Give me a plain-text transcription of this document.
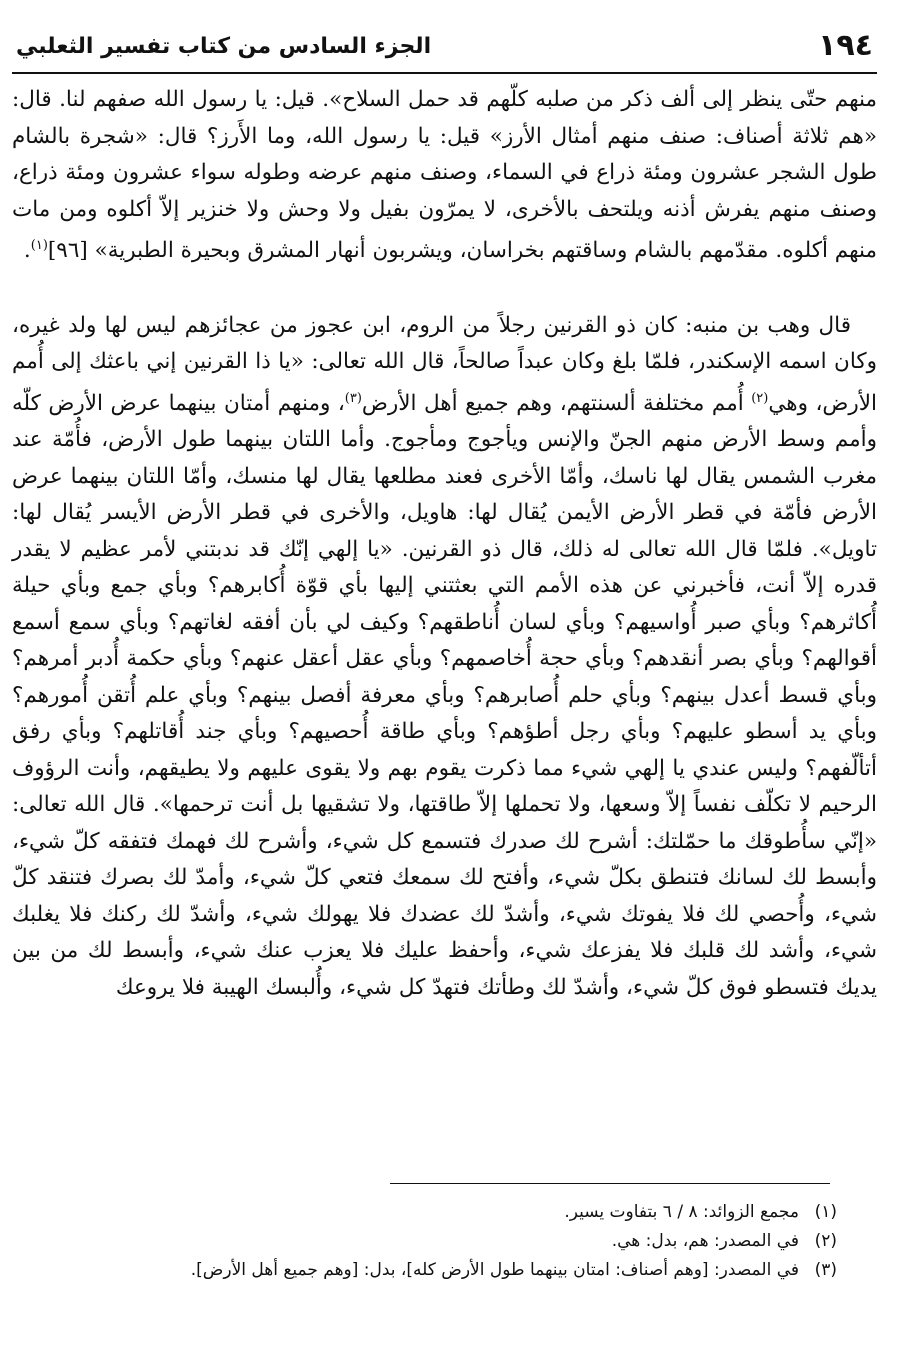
١٩٤
الجزء السادس من كتاب تفسير الثعلبي

منهم حتّى ينظر إلى ألف ذكر من صلبه كلّهم قد حمل السلاح». قيل: يا رسول الله صفهم لنا. قال: «هم ثلاثة أصناف: صنف منهم أمثال الأرز» قيل: يا رسول الله، وما الأَرز؟ قال: «شجرة بالشام طول الشجر عشرون ومئة ذراع في السماء، وصنف منهم عرضه وطوله سواء عشرون ومئة ذراع، وصنف منهم يفرش أذنه ويلتحف بالأخرى، لا يمرّون بفيل ولا وحش ولا خنزير إلاّ أكلوه ومن مات منهم أكلوه. مقدّمهم بالشام وساقتهم بخراسان، ويشربون أنهار المشرق وبحيرة الطبرية» [٩٦]$^{(١)}$.

قال وهب بن منبه: كان ذو القرنين رجلاً من الروم، ابن عجوز من عجائزهم ليس لها ولد غيره، وكان اسمه الإسكندر، فلمّا بلغ وكان عبداً صالحاً، قال الله تعالى: «يا ذا القرنين إني باعثك إلى أُمم الأرض، وهي$^{(٢)}$ أُمم مختلفة ألسنتهم، وهم جميع أهل الأرض$^{(٣)}$، ومنهم أمتان بينهما عرض الأرض كلّه وأمم وسط الأرض منهم الجنّ والإنس ويأجوج ومأجوج. وأما اللتان بينهما طول الأرض، فأُمّة عند مغرب الشمس يقال لها ناسك، وأمّا الأخرى فعند مطلعها يقال لها منسك، وأمّا اللتان بينهما عرض الأرض فأمّة في قطر الأرض الأيمن يُقال لها: هاويل، والأخرى في قطر الأرض الأيسر يُقال لها: تاويل». فلمّا قال الله تعالى له ذلك، قال ذو القرنين. «يا إلهي إنّك قد ندبتني لأمر عظيم لا يقدر قدره إلاّ أنت، فأخبرني عن هذه الأمم التي بعثتني إليها بأي قوّة أُكابرهم؟ وبأي جمع وبأي حيلة أُكاثرهم؟ وبأي صبر أُواسيهم؟ وبأي لسان أُناطقهم؟ وكيف لي بأن أفقه لغاتهم؟ وبأي سمع أسمع أقوالهم؟ وبأي بصر أنقدهم؟ وبأي حجة أُخاصمهم؟ وبأي عقل أعقل عنهم؟ وبأي حكمة أُدبر أمرهم؟ وبأي قسط أعدل بينهم؟ وبأي حلم أُصابرهم؟ وبأي معرفة أفصل بينهم؟ وبأي علم أُتقن أُمورهم؟ وبأي يد أسطو عليهم؟ وبأي رجل أطؤهم؟ وبأي طاقة أُحصيهم؟ وبأي جند أُقاتلهم؟ وبأي رفق أتألّفهم؟ وليس عندي يا إلهي شيء مما ذكرت يقوم بهم ولا يقوى عليهم ولا يطيقهم، وأنت الرؤوف الرحيم لا تكلّف نفساً إلاّ وسعها، ولا تحملها إلاّ طاقتها، ولا تشقيها بل أنت ترحمها». قال الله تعالى: «إنّي سأُطوقك ما حمّلتك: أشرح لك صدرك فتسمع كل شيء، وأشرح لك فهمك فتفقه كلّ شيء، وأبسط لك لسانك فتنطق بكلّ شيء، وأفتح لك سمعك فتعي كلّ شيء، وأمدّ لك بصرك فتنقد كلّ شيء، وأُحصي لك فلا يفوتك شيء، وأشدّ لك عضدك فلا يهولك شيء، وأشدّ لك ركنك فلا يغلبك شيء، وأشد لك قلبك فلا يفزعك شيء، وأحفظ عليك فلا يعزب عنك شيء، وأبسط لك من بين يديك فتسطو فوق كلّ شيء، وأشدّ لك وطأتك فتهدّ كل شيء، وأُلبسك الهيبة فلا يروعك

(١)
مجمع الزوائد: ٨ / ٦ بتفاوت يسير.
(٢)
في المصدر: هم، بدل: هي.
(٣)
في المصدر: [وهم أصناف: امتان بينهما طول الأرض كله]، بدل: [وهم جميع أهل الأرض].
